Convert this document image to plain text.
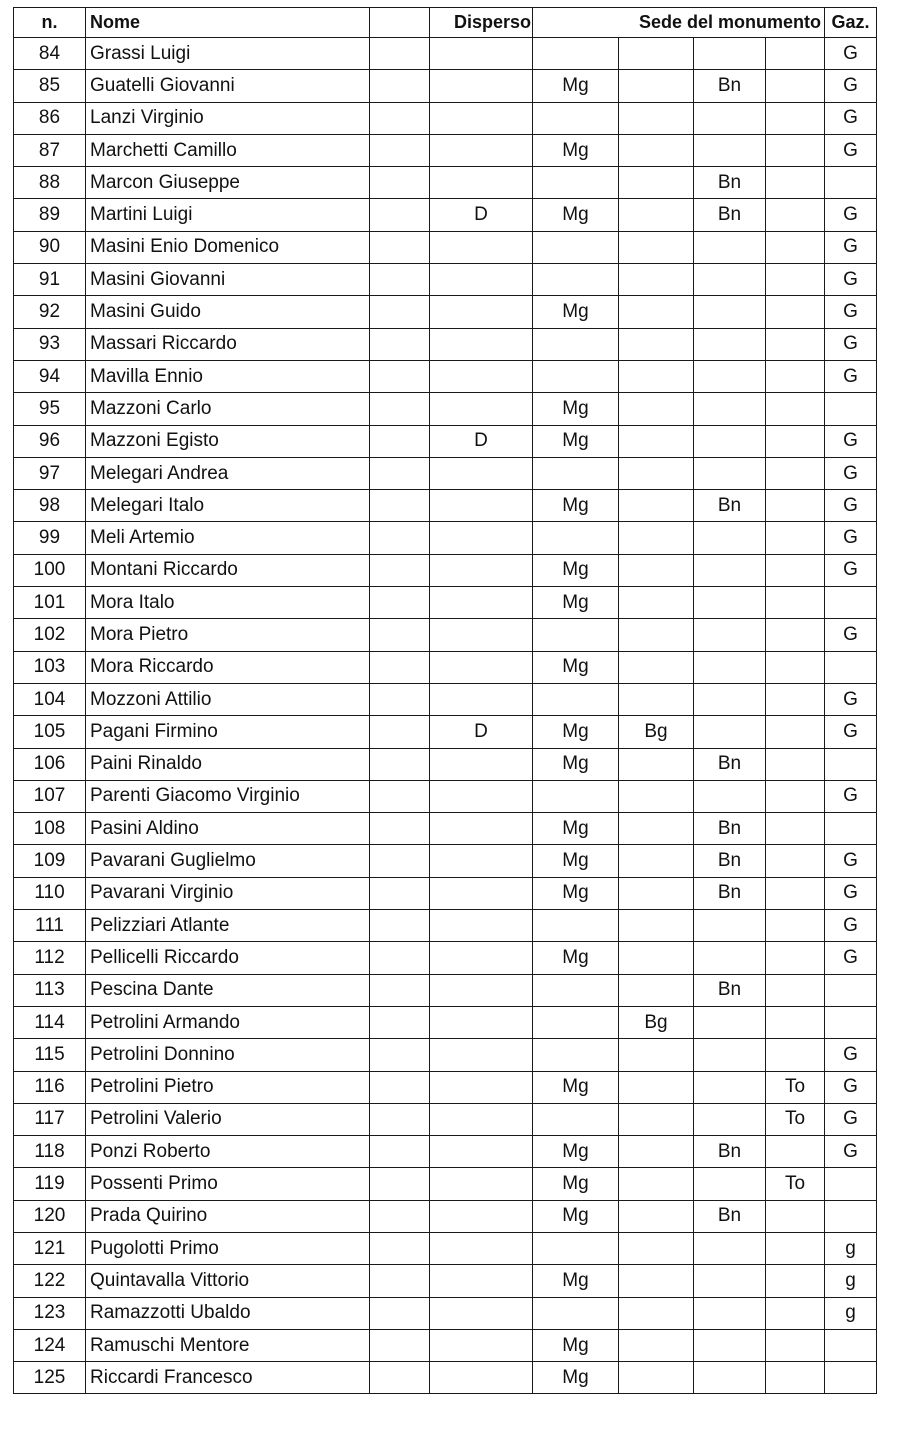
n.	Nome		Disperso	Sede del monumento				Gaz.
84	Grassi Luigi							G
85	Guatelli Giovanni			Mg		Bn		G
86	Lanzi Virginio							G
87	Marchetti Camillo			Mg				G
88	Marcon Giuseppe					Bn		
89	Martini Luigi		D	Mg		Bn		G
90	Masini Enio Domenico							G
91	Masini Giovanni							G
92	Masini Guido			Mg				G
93	Massari Riccardo							G
94	Mavilla Ennio							G
95	Mazzoni Carlo			Mg				
96	Mazzoni Egisto		D	Mg				G
97	Melegari Andrea							G
98	Melegari Italo			Mg		Bn		G
99	Meli Artemio							G
100	Montani Riccardo			Mg				G
101	Mora Italo			Mg				
102	Mora Pietro							G
103	Mora Riccardo			Mg				
104	Mozzoni Attilio							G
105	Pagani Firmino		D	Mg	Bg			G
106	Paini Rinaldo			Mg		Bn		
107	Parenti Giacomo Virginio							G
108	Pasini Aldino			Mg		Bn		
109	Pavarani Guglielmo			Mg		Bn		G
110	Pavarani Virginio			Mg		Bn		G
111	Pelizziari Atlante							G
112	Pellicelli Riccardo			Mg				G
113	Pescina Dante					Bn		
114	Petrolini Armando				Bg			
115	Petrolini Donnino							G
116	Petrolini Pietro			Mg			To	G
117	Petrolini Valerio						To	G
118	Ponzi Roberto			Mg		Bn		G
119	Possenti Primo			Mg			To	
120	Prada Quirino			Mg		Bn		
121	Pugolotti Primo							g
122	Quintavalla Vittorio			Mg				g
123	Ramazzotti Ubaldo							g
124	Ramuschi Mentore			Mg				
125	Riccardi Francesco			Mg				
